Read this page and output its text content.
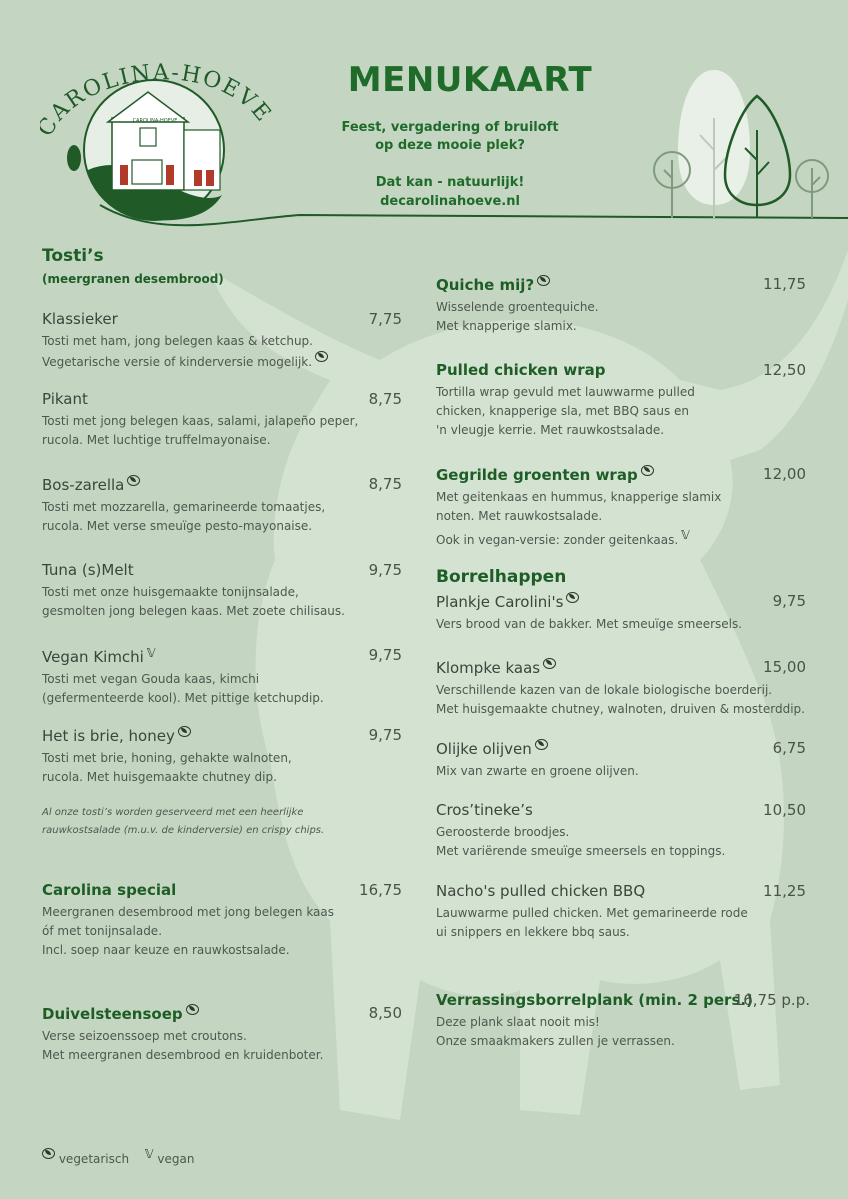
AROLINA-HOEVE
CAROLINA-HOEVE
MENUKAART
Feest, vergadering of bruiloft
op deze mooie plek?
Dat kan - natuurlijk!
decarolinahoeve.nl
Tosti’s
(meergranen desembrood)
Klassieker	7,75
Tosti met ham, jong belegen kaas & ketchup.
Vegetarische versie of kinderversie mogelijk.
Pikant	8,75
Tosti met jong belegen kaas, salami, jalapeño peper,
rucola. Met luchtige truffelmayonaise.
Bos-zarella	8,75
Tosti met mozzarella, gemarineerde tomaatjes,
rucola. Met verse smeuïge pesto-mayonaise.
Tuna (s)Melt	9,75
Tosti met onze huisgemaakte tonijnsalade,
gesmolten jong belegen kaas. Met zoete chilisaus.
Vegan Kimchi 𝕍	9,75
Tosti met vegan Gouda kaas, kimchi
(gefermenteerde kool). Met pittige ketchupdip.
Het is brie, honey	9,75
Tosti met brie, honing, gehakte walnoten,
rucola. Met huisgemaakte chutney dip.
Al onze tosti’s worden geserveerd met een heerlijke
rauwkostsalade (m.u.v. de kinderversie) en crispy chips.
Carolina special	16,75
Meergranen desembrood met jong belegen kaas
óf met tonijnsalade.
Incl. soep naar keuze en rauwkostsalade.
Duivelsteensoep	8,50
Verse seizoenssoep met croutons.
Met meergranen desembrood en kruidenboter.
Quiche mij?	11,75
Wisselende groentequiche.
Met knapperige slamix.
Pulled chicken wrap	12,50
Tortilla wrap gevuld met lauwwarme pulled
chicken, knapperige sla, met BBQ saus en
'n vleugje kerrie. Met rauwkostsalade.
Gegrilde groenten wrap	12,00
Met geitenkaas en hummus, knapperige slamix
noten. Met rauwkostsalade.
Ook in vegan-versie: zonder geitenkaas. 𝕍
Borrelhappen
Plankje Carolini's	9,75
Vers brood van de bakker. Met smeuïge smeersels.
Klompke kaas	15,00
Verschillende kazen van de lokale biologische boerderij.
Met huisgemaakte chutney, walnoten, druiven & mosterddip.
Olijke olijven	6,75
Mix van zwarte en groene olijven.
Cros’tineke’s	10,50
Geroosterde broodjes.
Met variërende smeuïge smeersels en toppings.
Nacho's pulled chicken BBQ	11,25
Lauwwarme pulled chicken. Met gemarineerde rode
ui snippers en lekkere bbq saus.
Verrassingsborrelplank (min. 2 pers.)
16,75 p.p.
Deze plank slaat nooit mis!
Onze smaakmakers zullen je verrassen.
vegetarisch 𝕍 vegan
